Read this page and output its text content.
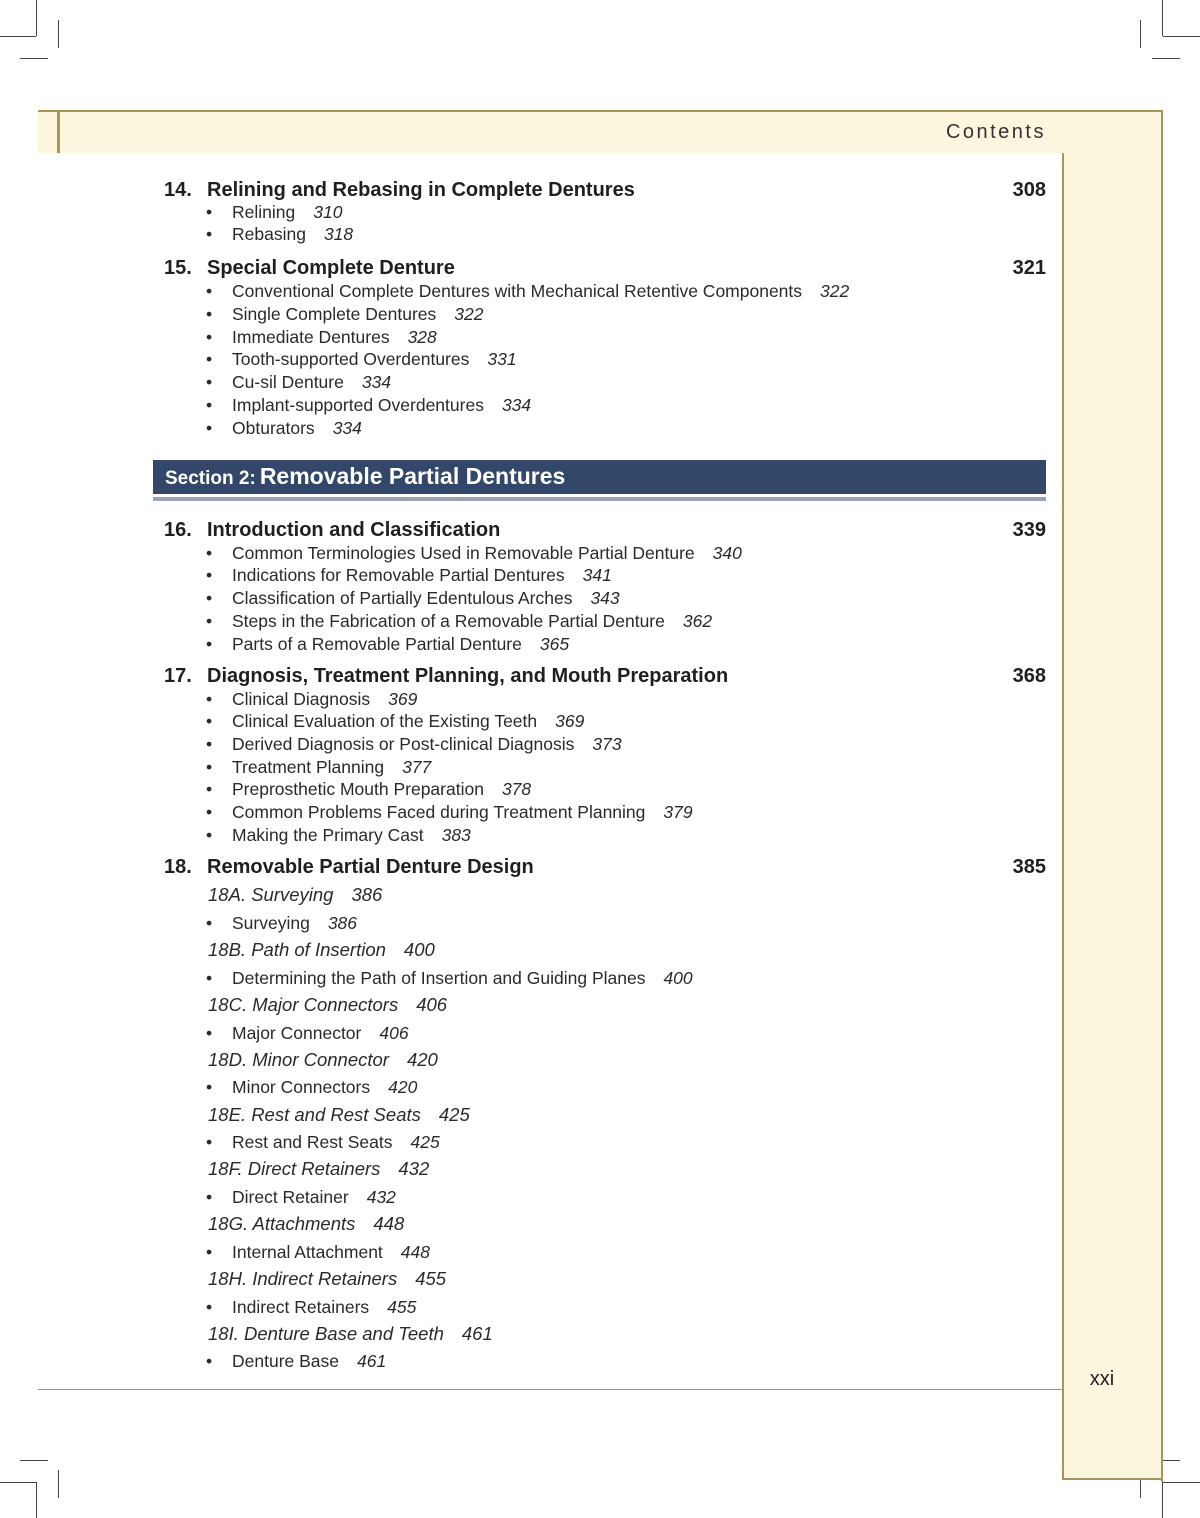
Contents
xxi
14. Relining and Rebasing in Complete Dentures	308
• Relining 310
• Rebasing 318
15. Special Complete Denture	321
• Conventional Complete Dentures with Mechanical Retentive Components 322
• Single Complete Dentures 322
• Immediate Dentures 328
• Tooth-supported Overdentures 331
• Cu-sil Denture 334
• Implant-supported Overdentures 334
• Obturators 334
Section 2: Removable Partial Dentures
16. Introduction and Classification	339
• Common Terminologies Used in Removable Partial Denture 340
• Indications for Removable Partial Dentures 341
• Classification of Partially Edentulous Arches 343
• Steps in the Fabrication of a Removable Partial Denture 362
• Parts of a Removable Partial Denture 365
17. Diagnosis, Treatment Planning, and Mouth Preparation	368
• Clinical Diagnosis 369
• Clinical Evaluation of the Existing Teeth 369
• Derived Diagnosis or Post-clinical Diagnosis 373
• Treatment Planning 377
• Preprosthetic Mouth Preparation 378
• Common Problems Faced during Treatment Planning 379
• Making the Primary Cast 383
18. Removable Partial Denture Design	385
18A. Surveying 386
• Surveying 386
18B. Path of Insertion 400
• Determining the Path of Insertion and Guiding Planes 400
18C. Major Connectors 406
• Major Connector 406
18D. Minor Connector 420
• Minor Connectors 420
18E. Rest and Rest Seats 425
• Rest and Rest Seats 425
18F. Direct Retainers 432
• Direct Retainer 432
18G. Attachments 448
• Internal Attachment 448
18H. Indirect Retainers 455
• Indirect Retainers 455
18I. Denture Base and Teeth 461
• Denture Base 461
